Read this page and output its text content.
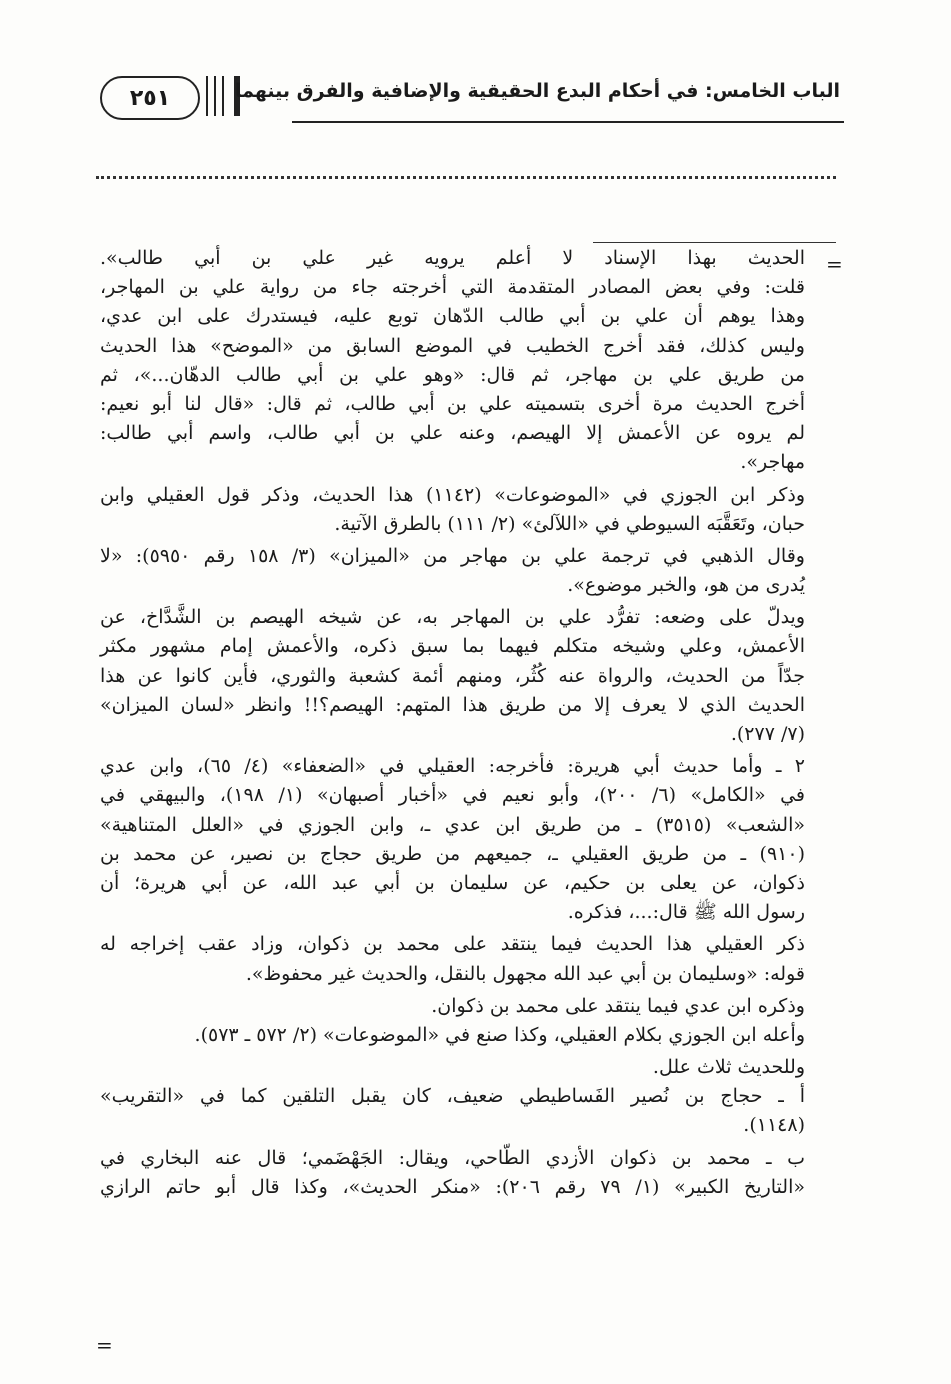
٢٥١	الباب الخامس: في أحكام البدع الحقيقية والإضافية والفرق بينهما
=
الحديث بهذا الإسناد لا أعلم يرويه غير علي بن أبي طالب».
قلت: وفي بعض المصادر المتقدمة التي أخرجته جاء من رواية علي بن المهاجر،
وهذا يوهم أن علي بن أبي طالب الدّهان توبع عليه، فيستدرك على ابن عدي،
وليس كذلك، فقد أخرج الخطيب في الموضع السابق من «الموضح» هذا الحديث
من طريق علي بن مهاجر، ثم قال: «وهو علي بن أبي طالب الدهّان...»، ثم
أخرج الحديث مرة أخرى بتسميته علي بن أبي طالب، ثم قال: «قال لنا أبو نعيم:
لم يروه عن الأعمش إلا الهيصم، وعنه علي بن أبي طالب، واسم أبي طالب:
مهاجر».
وذكر ابن الجوزي في «الموضوعات» (١١٤٢) هذا الحديث، وذكر قول العقيلي وابن
حبان، وتَعَقَّبَه السيوطي في «اللآلئ» (٢/ ١١١) بالطرق الآتية.
وقال الذهبي في ترجمة علي بن مهاجر من «الميزان» (٣/ ١٥٨ رقم ٥٩٥٠): «لا
يُدرى من هو، والخبر موضوع».
ويدلّ على وضعه: تفرُّد علي بن المهاجر به، عن شيخه الهيصم بن الشَّدَّاخ، عن
الأعمش، وعلي وشيخه متكلم فيهما بما سبق ذكره، والأعمش إمام مشهور مكثر
جدّاً من الحديث، والرواة عنه كُثُر، ومنهم أئمة كشعبة والثوري، فأين كانوا عن هذا
الحديث الذي لا يعرف إلا من طريق هذا المتهم: الهيصم؟!! وانظر «لسان الميزان»
(٧/ ٢٧٧).
٢ ـ وأما حديث أبي هريرة: فأخرجه: العقيلي في «الضعفاء» (٤/ ٦٥)، وابن عدي
في «الكامل» (٦/ ٢٠٠)، وأبو نعيم في «أخبار أصبهان» (١/ ١٩٨)، والبيهقي في
«الشعب» (٣٥١٥) ـ من طريق ابن عدي ـ، وابن الجوزي في «العلل المتناهية»
(٩١٠) ـ من طريق العقيلي ـ، جميعهم من طريق حجاج بن نصير، عن محمد بن
ذكوان، عن يعلى بن حكيم، عن سليمان بن أبي عبد الله، عن أبي هريرة؛ أن
رسول الله ﷺ قال:...، فذكره.
ذكر العقيلي هذا الحديث فيما ينتقد على محمد بن ذكوان، وزاد عقب إخراجه له
قوله: «وسليمان بن أبي عبد الله مجهول بالنقل، والحديث غير محفوظ».
وذكره ابن عدي فيما ينتقد على محمد بن ذكوان.
وأعله ابن الجوزي بكلام العقيلي، وكذا صنع في «الموضوعات» (٢/ ٥٧٢ ـ ٥٧٣).
وللحديث ثلاث علل.
أ ـ حجاج بن نُصير الفَساطيطي ضعيف، كان يقبل التلقين كما في «التقريب»
(١١٤٨).
ب ـ محمد بن ذكوان الأزدي الطّاحي، ويقال: الجَهْضَمي؛ قال عنه البخاري في
«التاريخ الكبير» (١/ ٧٩ رقم ٢٠٦): «منكر الحديث»، وكذا قال أبو حاتم الرازي
=
